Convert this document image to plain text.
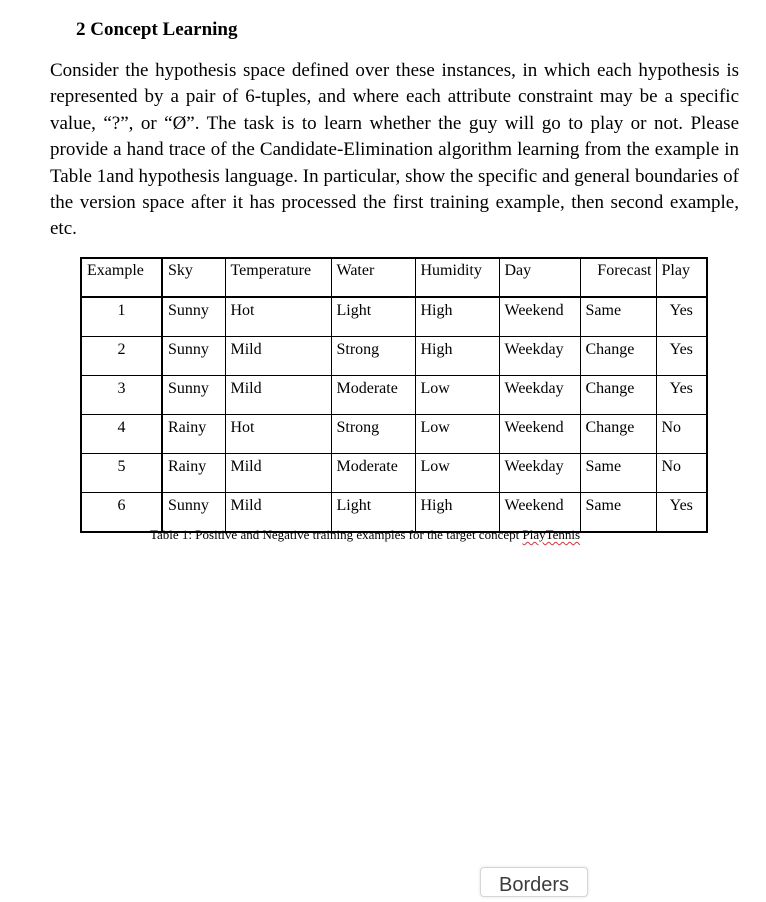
2 Concept Learning

Consider the hypothesis space defined over these instances, in which each hypothesis is represented by a pair of 6-tuples, and where each attribute constraint may be a specific value, “?”, or “Ø”. The task is to learn whether the guy will go to play or not. Please provide a hand trace of the Candidate-Elimination algorithm learning from the example in Table 1and hypothesis language. In particular, show the specific and general boundaries of the version space after it has processed the first training example, then second example, etc.

Example	Sky	Temperature	Water	Humidity	Day	Forecast	Play
1	Sunny	Hot	Light	High	Weekend	Same	Yes
2	Sunny	Mild	Strong	High	Weekday	Change	Yes
3	Sunny	Mild	Moderate	Low	Weekday	Change	Yes
4	Rainy	Hot	Strong	Low	Weekend	Change	No
5	Rainy	Mild	Moderate	Low	Weekday	Same	No
6	Sunny	Mild	Light	High	Weekend	Same	Yes
Table 1: Positive and Negative training examples for the target concept PlayTennis
Borders
